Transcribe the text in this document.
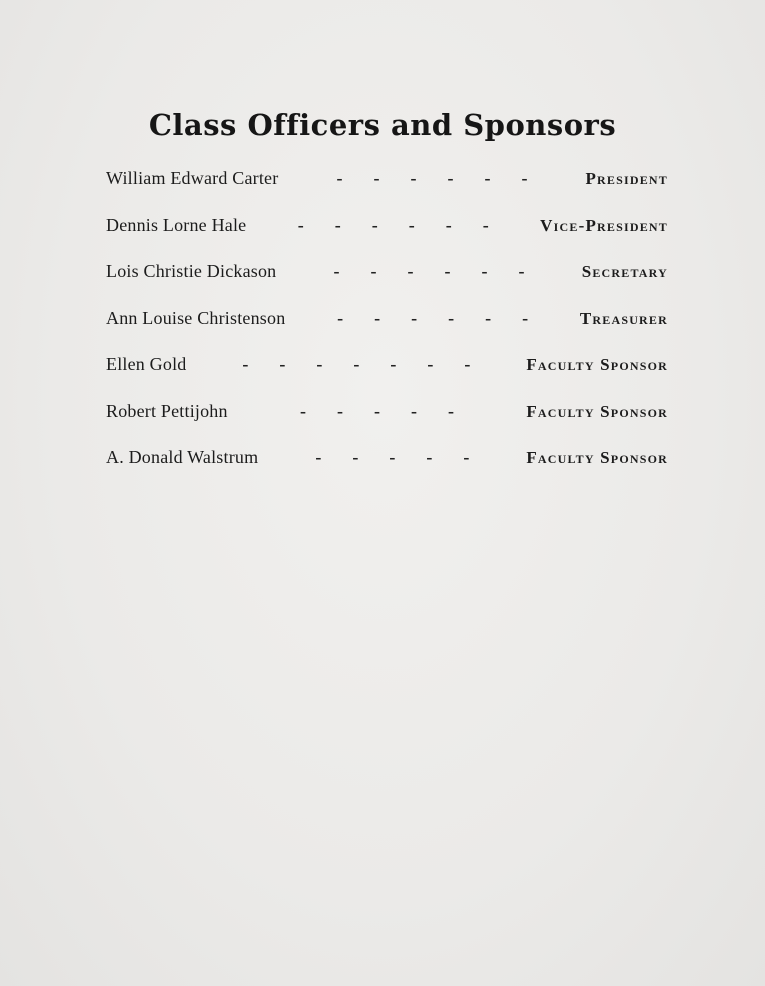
Class Officers and Sponsors
William Edward Carter	- - - - - -	President
Dennis Lorne Hale	- - - - - -	Vice-President
Lois Christie Dickason	- - - - - -	Secretary
Ann Louise Christenson	- - - - - -	Treasurer
Ellen Gold	- - - - - - -	Faculty Sponsor
Robert Pettijohn	- - - - -	Faculty Sponsor
A. Donald Walstrum	- - - - -	Faculty Sponsor
